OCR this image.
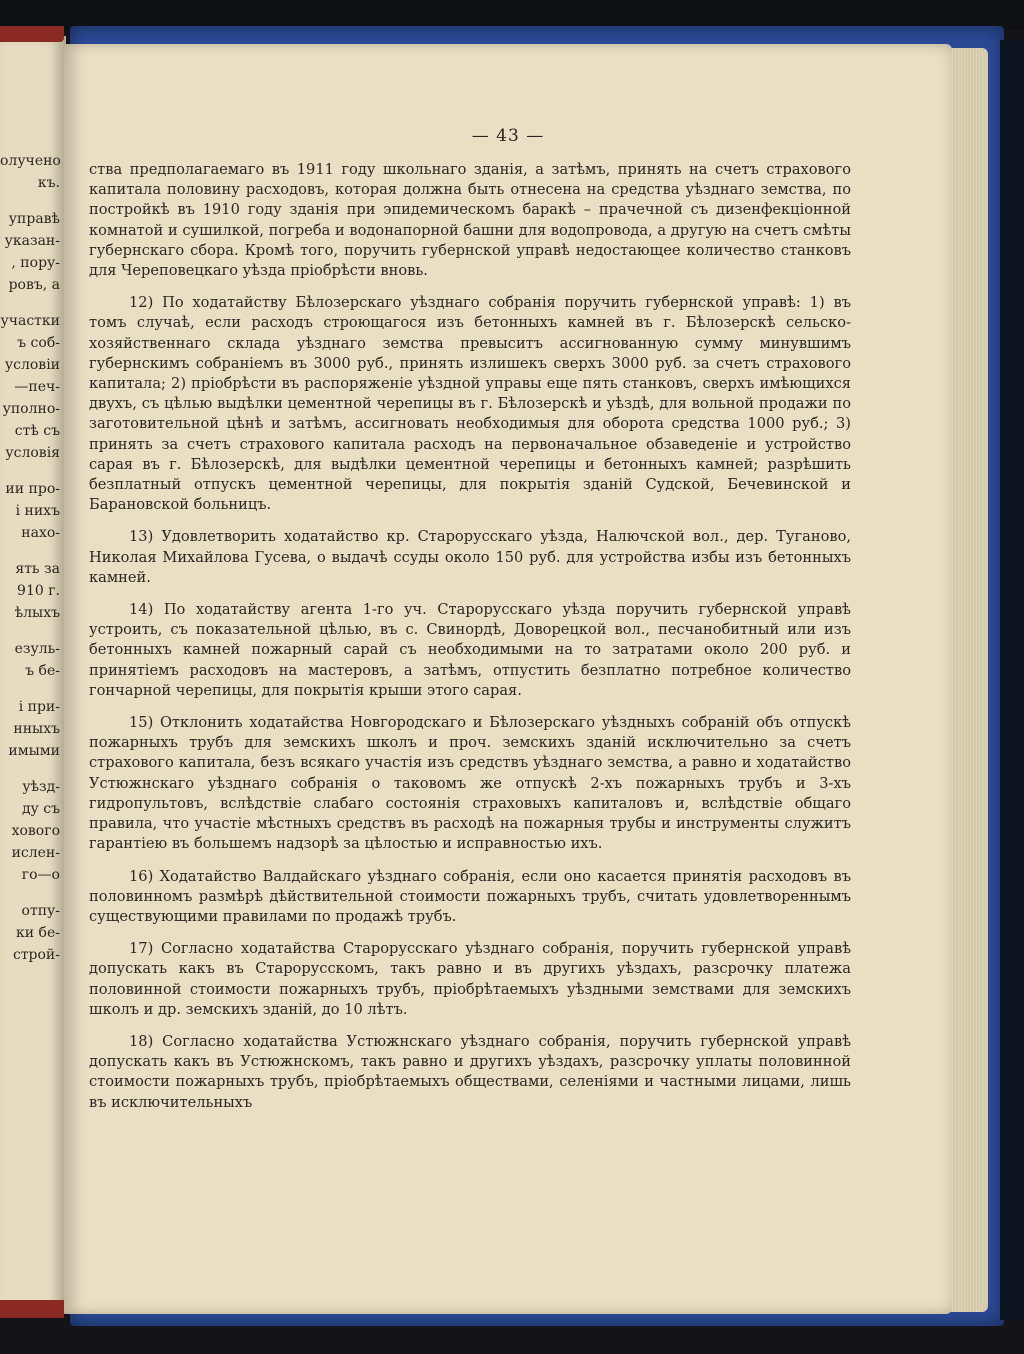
олучено
къ.
управѣ
указан-
, пору-
ровъ, а
участки
ъ соб-
условіи
—печ-
уполно-
стѣ съ
условія
ии про-
і нихъ
нахо-
ять за
910 г.
ѣлыхъ
езуль-
ъ бе-
і при-
нныхъ
имыми
уѣзд-
ду съ
хового
ислен-
го—о
отпу-
ки бе-
строй-
— 43 —

ства предполагаемаго въ 1911 году школьнаго зданія, а затѣмъ, принять на счетъ страхового капитала половину расходовъ, которая должна быть отнесена на средства уѣзднаго земства, по постройкѣ въ 1910 году зданія при эпидемическомъ баракѣ – прачечной съ дизенфекціонной комнатой и сушилкой, погреба и водонапорной башни для водопровода, а другую на счетъ смѣты губернскаго сбора. Кромѣ того, поручить губернской управѣ недостающее количество станковъ для Череповецкаго уѣзда пріобрѣсти вновь.

12) По ходатайству Бѣлозерскаго уѣзднаго собранія поручить губернской управѣ: 1) въ томъ случаѣ, если расходъ строющагося изъ бетонныхъ камней въ г. Бѣлозерскѣ сельско-хозяйственнаго склада уѣзднаго земства превыситъ ассигнованную сумму минувшимъ губернскимъ собраніемъ въ 3000 руб., принять излишекъ сверхъ 3000 руб. за счетъ страхового капитала; 2) пріобрѣсти въ распоряженіе уѣздной управы еще пять станковъ, сверхъ имѣющихся двухъ, съ цѣлью выдѣлки цементной черепицы въ г. Бѣлозерскѣ и уѣздѣ, для вольной продажи по заготовительной цѣнѣ и затѣмъ, ассигновать необходимыя для оборота средства 1000 руб.; 3) принять за счетъ страхового капитала расходъ на первоначальное обзаведеніе и устройство сарая въ г. Бѣлозерскѣ, для выдѣлки цементной черепицы и бетонныхъ камней; разрѣшить безплатный отпускъ цементной черепицы, для покрытія зданій Судской, Бечевинской и Барановской больницъ.

13) Удовлетворить ходатайство кр. Старорусскаго уѣзда, Налючской вол., дер. Туганово, Николая Михайлова Гусева, о выдачѣ ссуды около 150 руб. для устройства избы изъ бетонныхъ камней.

14) По ходатайству агента 1-го уч. Старорусскаго уѣзда поручить губернской управѣ устроить, съ показательной цѣлью, въ с. Свинордѣ, Доворецкой вол., песчанобитный или изъ бетонныхъ камней пожарный сарай съ необходимыми на то затратами около 200 руб. и принятіемъ расходовъ на мастеровъ, а затѣмъ, отпустить безплатно потребное количество гончарной черепицы, для покрытія крыши этого сарая.

15) Отклонить ходатайства Новгородскаго и Бѣлозерскаго уѣздныхъ собраній объ отпускѣ пожарныхъ трубъ для земскихъ школъ и проч. земскихъ зданій исключительно за счетъ страхового капитала, безъ всякаго участія изъ средствъ уѣзднаго земства, а равно и ходатайство Устюжнскаго уѣзднаго собранія о таковомъ же отпускѣ 2-хъ пожарныхъ трубъ и 3-хъ гидропультовъ, вслѣдствіе слабаго состоянія страховыхъ капиталовъ и, вслѣдствіе общаго правила, что участіе мѣстныхъ средствъ въ расходѣ на пожарныя трубы и инструменты служитъ гарантіею въ большемъ надзорѣ за цѣлостью и исправностью ихъ.

16) Ходатайство Валдайскаго уѣзднаго собранія, если оно касается принятія расходовъ въ половинномъ размѣрѣ дѣйствительной стоимости пожарныхъ трубъ, считать удовлетвореннымъ существующими правилами по продажѣ трубъ.

17) Согласно ходатайства Старорусскаго уѣзднаго собранія, поручить губернской управѣ допускать какъ въ Старорусскомъ, такъ равно и въ другихъ уѣздахъ, разсрочку платежа половинной стоимости пожарныхъ трубъ, пріобрѣтаемыхъ уѣздными земствами для земскихъ школъ и др. земскихъ зданій, до 10 лѣтъ.

18) Согласно ходатайства Устюжнскаго уѣзднаго собранія, поручить губернской управѣ допускать какъ въ Устюжнскомъ, такъ равно и другихъ уѣздахъ, разсрочку уплаты половинной стоимости пожарныхъ трубъ, пріобрѣтаемыхъ обществами, селеніями и частными лицами, лишь въ исключительныхъ
